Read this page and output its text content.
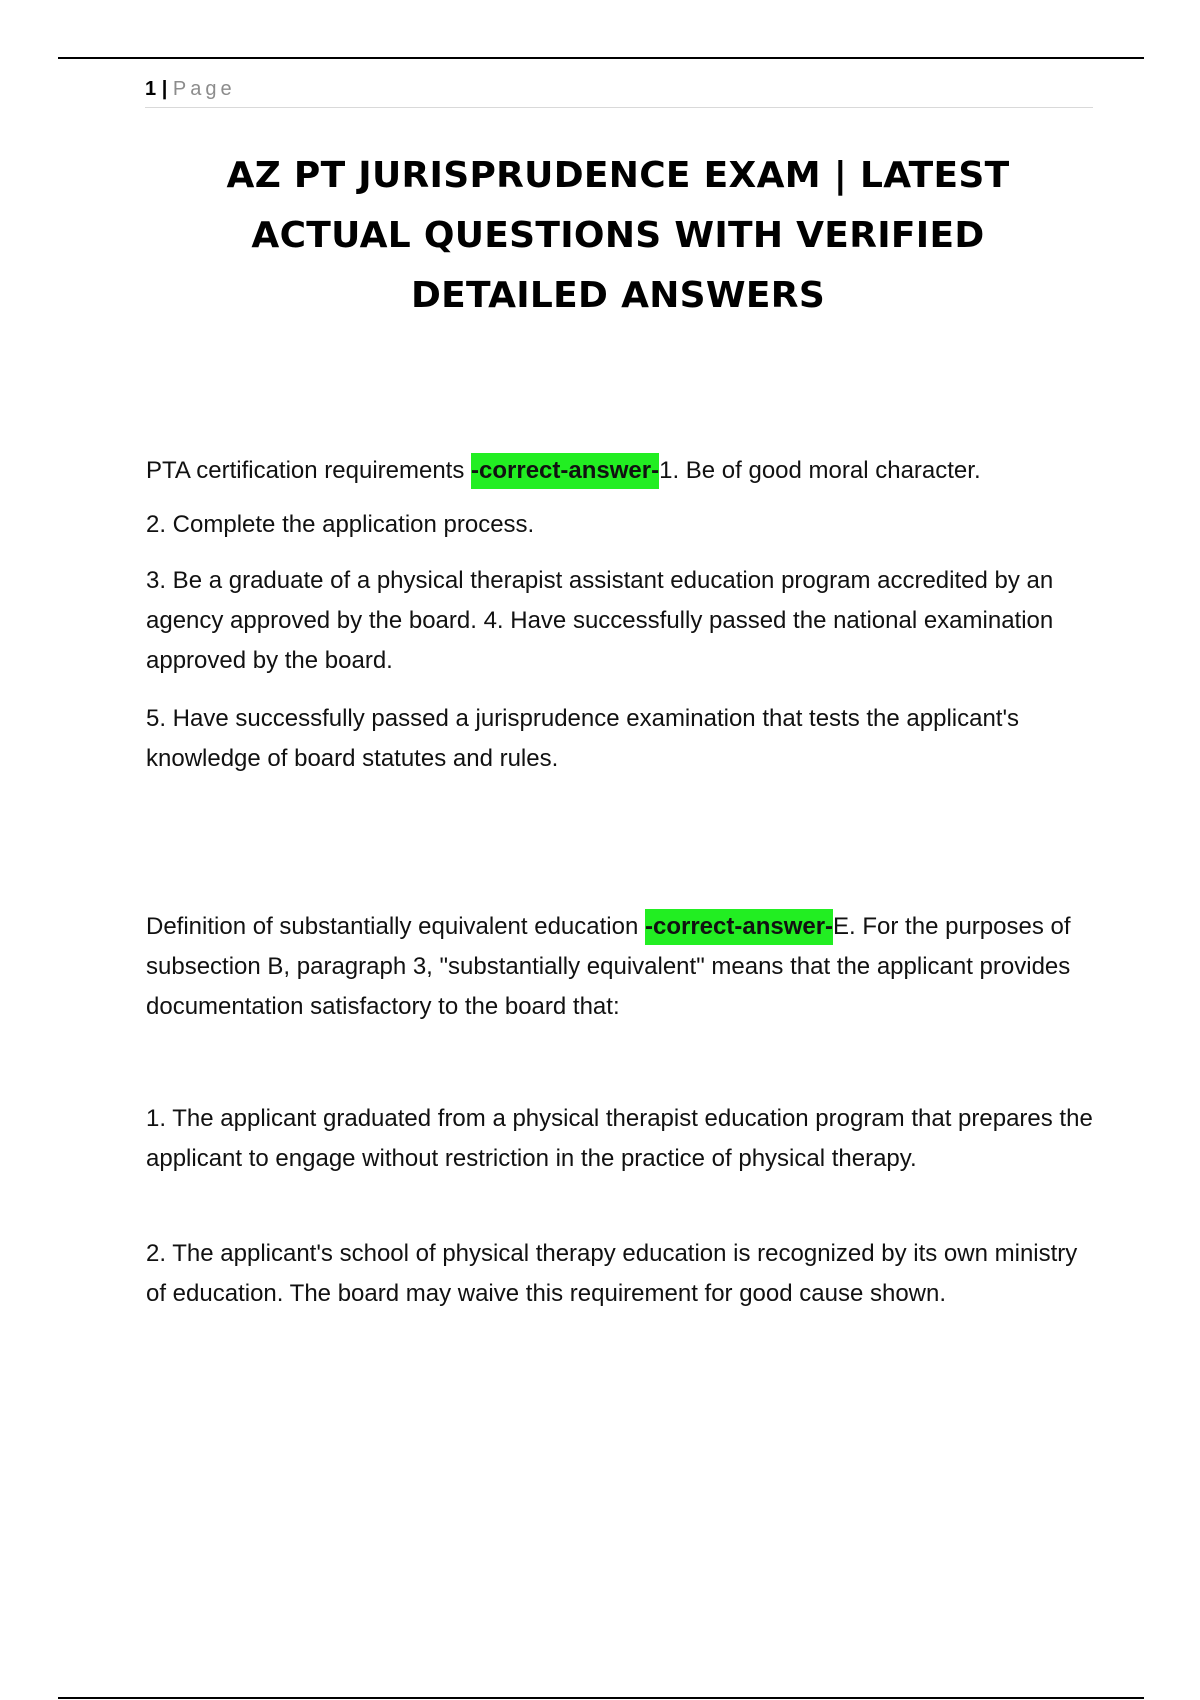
1 | Page
AZ PT JURISPRUDENCE EXAM | LATEST ACTUAL QUESTIONS WITH VERIFIED DETAILED ANSWERS

PTA certification requirements -correct-answer-1. Be of good moral character.

2. Complete the application process.

3. Be a graduate of a physical therapist assistant education program accredited by an agency approved by the board. 4. Have successfully passed the national examination approved by the board.

5. Have successfully passed a jurisprudence examination that tests the applicant's knowledge of board statutes and rules.

Definition of substantially equivalent education -correct-answer-E. For the purposes of subsection B, paragraph 3, "substantially equivalent" means that the applicant provides documentation satisfactory to the board that:

1. The applicant graduated from a physical therapist education program that prepares the applicant to engage without restriction in the practice of physical therapy.

2. The applicant's school of physical therapy education is recognized by its own ministry of education. The board may waive this requirement for good cause shown.
